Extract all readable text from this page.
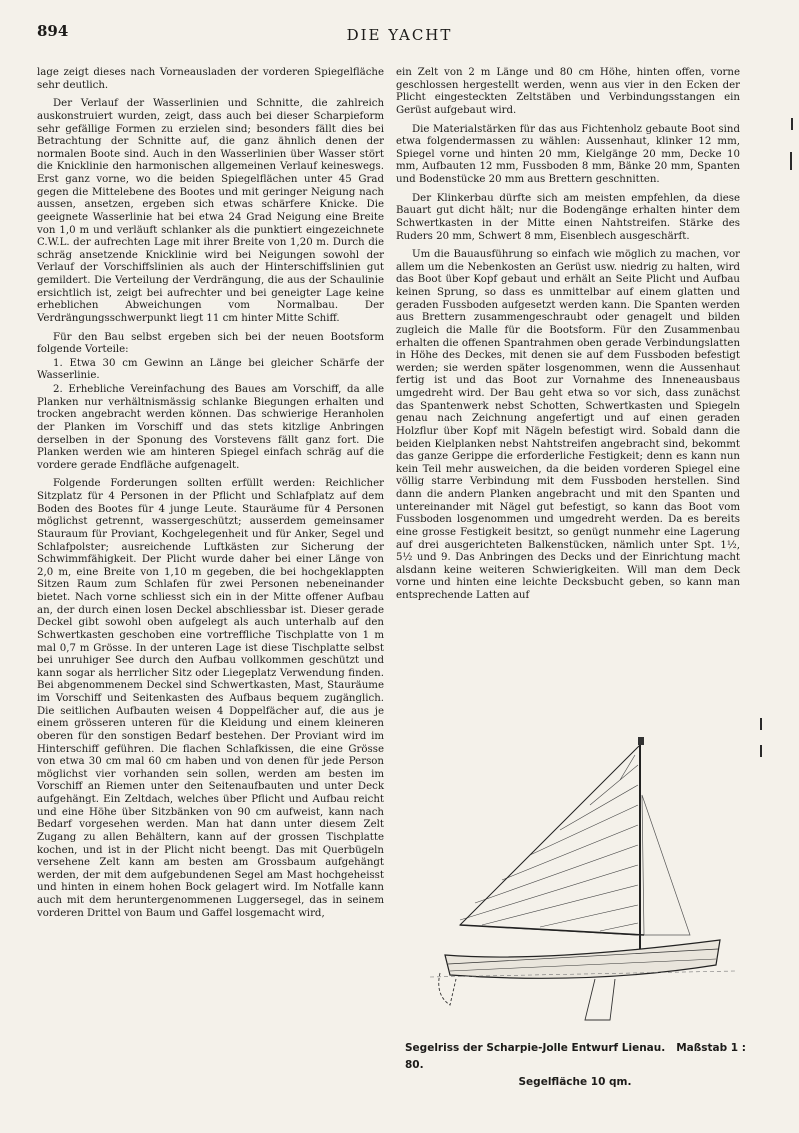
894	DIE YACHT

lage zeigt dieses nach Vorneausladen der vorderen Spiegelfläche sehr deutlich.

Der Verlauf der Wasserlinien und Schnitte, die zahlreich auskonstruiert wurden, zeigt, dass auch bei dieser Scharpieform sehr gefällige Formen zu erzielen sind; besonders fällt dies bei Betrachtung der Schnitte auf, die ganz ähnlich denen der normalen Boote sind. Auch in den Wasserlinien über Wasser stört die Knicklinie den harmonischen allgemeinen Verlauf keineswegs. Erst ganz vorne, wo die beiden Spiegelflächen unter 45 Grad gegen die Mittelebene des Bootes und mit geringer Neigung nach aussen, ansetzen, ergeben sich etwas schärfere Knicke. Die geeignete Wasserlinie hat bei etwa 24 Grad Neigung eine Breite von 1,0 m und verläuft schlanker als die punktiert eingezeichnete C.W.L. der aufrechten Lage mit ihrer Breite von 1,20 m. Durch die schräg ansetzende Knicklinie wird bei Neigungen sowohl der Verlauf der Vorschiffslinien als auch der Hinterschiffslinien gut gemildert. Die Verteilung der Verdrängung, die aus der Schaulinie ersichtlich ist, zeigt bei aufrechter und bei geneigter Lage keine erheblichen Abweichungen vom Normalbau. Der Verdrängungsschwerpunkt liegt 11 cm hinter Mitte Schiff.

Für den Bau selbst ergeben sich bei der neuen Bootsform folgende Vorteile:

1. Etwa 30 cm Gewinn an Länge bei gleicher Schärfe der Wasserlinie.

2. Erhebliche Vereinfachung des Baues am Vorschiff, da alle Planken nur verhältnismässig schlanke Biegungen erhalten und trocken angebracht werden können. Das schwierige Heranholen der Planken im Vorschiff und das stets kitzlige Anbringen derselben in der Sponung des Vorstevens fällt ganz fort. Die Planken werden wie am hinteren Spiegel einfach schräg auf die vordere gerade Endfläche aufgenagelt.

Folgende Forderungen sollten erfüllt werden: Reichlicher Sitzplatz für 4 Personen in der Pflicht und Schlafplatz auf dem Boden des Bootes für 4 junge Leute. Stauräume für 4 Personen möglichst getrennt, wassergeschützt; ausserdem gemeinsamer Stauraum für Proviant, Kochgelegenheit und für Anker, Segel und Schlafpolster; ausreichende Luftkästen zur Sicherung der Schwimmfähigkeit. Der Plicht wurde daher bei einer Länge von 2,0 m, eine Breite von 1,10 m gegeben, die bei hochgeklappten Sitzen Raum zum Schlafen für zwei Personen nebeneinander bietet. Nach vorne schliesst sich ein in der Mitte offener Aufbau an, der durch einen losen Deckel abschliessbar ist. Dieser gerade Deckel gibt sowohl oben aufgelegt als auch unterhalb auf den Schwertkasten geschoben eine vortreffliche Tischplatte von 1 m mal 0,7 m Grösse. In der unteren Lage ist diese Tischplatte selbst bei unruhiger See durch den Aufbau vollkommen geschützt und kann sogar als herrlicher Sitz oder Liegeplatz Verwendung finden. Bei abgenommenem Deckel sind Schwertkasten, Mast, Stauräume im Vorschiff und Seitenkasten des Aufbaus bequem zugänglich. Die seitlichen Aufbauten weisen 4 Doppelfächer auf, die aus je einem grösseren unteren für die Kleidung und einem kleineren oberen für den sonstigen Bedarf bestehen. Der Proviant wird im Hinterschiff geführen. Die flachen Schlafkissen, die eine Grösse von etwa 30 cm mal 60 cm haben und von denen für jede Person möglichst vier vorhanden sein sollen, werden am besten im Vorschiff an Riemen unter den Seitenaufbauten und unter Deck aufgehängt. Ein Zeltdach, welches über Pflicht und Aufbau reicht und eine Höhe über Sitzbänken von 90 cm aufweist, kann nach Bedarf vorgesehen werden. Man hat dann unter diesem Zelt Zugang zu allen Behältern, kann auf der grossen Tischplatte kochen, und ist in der Plicht nicht beengt. Das mit Querbügeln versehene Zelt kann am besten am Grossbaum aufgehängt werden, der mit dem aufgebundenen Segel am Mast hochgeheisst und hinten in einem hohen Bock gelagert wird. Im Notfalle kann auch mit dem heruntergenommenen Luggersegel, das in seinem vorderen Drittel von Baum und Gaffel losgemacht wird,

ein Zelt von 2 m Länge und 80 cm Höhe, hinten offen, vorne geschlossen hergestellt werden, wenn aus vier in den Ecken der Plicht eingesteckten Zeltstäben und Verbindungsstangen ein Gerüst aufgebaut wird.

Die Materialstärken für das aus Fichtenholz gebaute Boot sind etwa folgendermassen zu wählen: Aussenhaut, klinker 12 mm, Spiegel vorne und hinten 20 mm, Kielgänge 20 mm, Decke 10 mm, Aufbauten 12 mm, Fussboden 8 mm, Bänke 20 mm, Spanten und Bodenstücke 20 mm aus Brettern geschnitten.

Der Klinkerbau dürfte sich am meisten empfehlen, da diese Bauart gut dicht hält; nur die Bodengänge erhalten hinter dem Schwertkasten in der Mitte einen Nahtstreifen. Stärke des Ruders 20 mm, Schwert 8 mm, Eisenblech ausgeschärft.

Um die Bauausführung so einfach wie möglich zu machen, vor allem um die Nebenkosten an Gerüst usw. niedrig zu halten, wird das Boot über Kopf gebaut und erhält an Seite Plicht und Aufbau keinen Sprung, so dass es unmittelbar auf einem glatten und geraden Fussboden aufgesetzt werden kann. Die Spanten werden aus Brettern zusammengeschraubt oder genagelt und bilden zugleich die Malle für die Bootsform. Für den Zusammenbau erhalten die offenen Spantrahmen oben gerade Verbindungslatten in Höhe des Deckes, mit denen sie auf dem Fussboden befestigt werden; sie werden später losgenommen, wenn die Aussenhaut fertig ist und das Boot zur Vornahme des Inneneausbaus umgedreht wird. Der Bau geht etwa so vor sich, dass zunächst das Spantenwerk nebst Schotten, Schwertkasten und Spiegeln genau nach Zeichnung angefertigt und auf einen geraden Holzflur über Kopf mit Nägeln befestigt wird. Sobald dann die beiden Kielplanken nebst Nahtstreifen angebracht sind, bekommt das ganze Gerippe die erforderliche Festigkeit; denn es kann nun kein Teil mehr ausweichen, da die beiden vorderen Spiegel eine völlig starre Verbindung mit dem Fussboden herstellen. Sind dann die andern Planken angebracht und mit den Spanten und untereinander mit Nägel gut befestigt, so kann das Boot vom Fussboden losgenommen und umgedreht werden. Da es bereits eine grosse Festigkeit besitzt, so genügt nunmehr eine Lagerung auf drei ausgerichteten Balkenstücken, nämlich unter Spt. 1½, 5½ und 9. Das Anbringen des Decks und der Einrichtung macht alsdann keine weiteren Schwierigkeiten. Will man dem Deck vorne und hinten eine leichte Decksbucht geben, so kann man entsprechende Latten auf

Segelriss der Scharpie-Jolle Entwurf Lienau. Maßstab 1 : 80.
Segelfläche 10 qm.
